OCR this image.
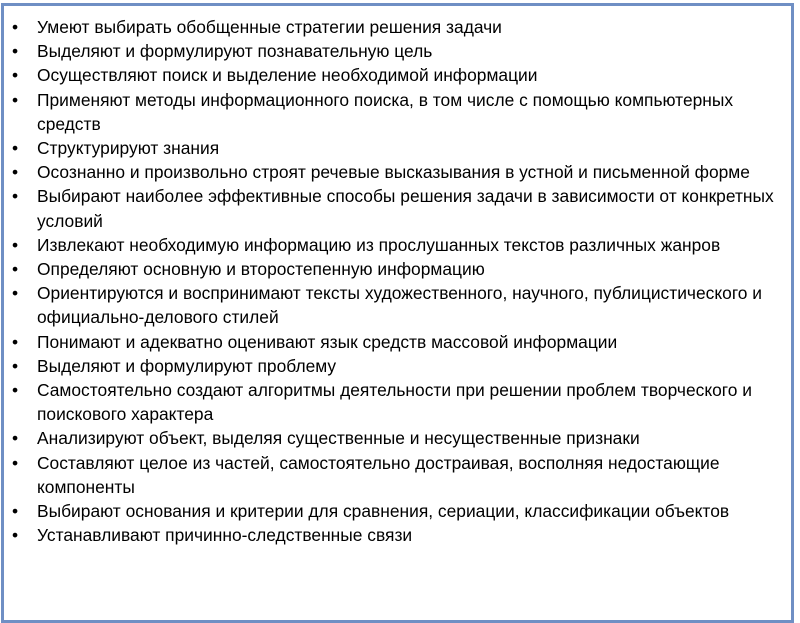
•	Умеют выбирать обобщенные стратегии решения задачи
•	Выделяют и формулируют познавательную цель
•	Осуществляют поиск и выделение необходимой информации
•	Применяют методы информационного поиска, в том числе с помощью компьютерных средств
•	Структурируют знания
•	Осознанно и произвольно строят речевые высказывания в устной и письменной форме
•	Выбирают наиболее эффективные способы решения задачи в зависимости от конкретных условий
•	Извлекают необходимую информацию из прослушанных текстов различных жанров
•	Определяют основную и второстепенную информацию
•	Ориентируются и воспринимают тексты художественного, научного, публицистического и официально-делового стилей
•	Понимают и адекватно оценивают язык средств массовой информации
•	Выделяют и формулируют проблему
•	Самостоятельно создают алгоритмы деятельности при решении проблем творческого и поискового характера
•	Анализируют объект, выделяя существенные и несущественные признаки
•	Составляют целое из частей, самостоятельно достраивая, восполняя недостающие компоненты
•	Выбирают основания и критерии для сравнения, сериации, классификации объектов
•	Устанавливают причинно-следственные связи
